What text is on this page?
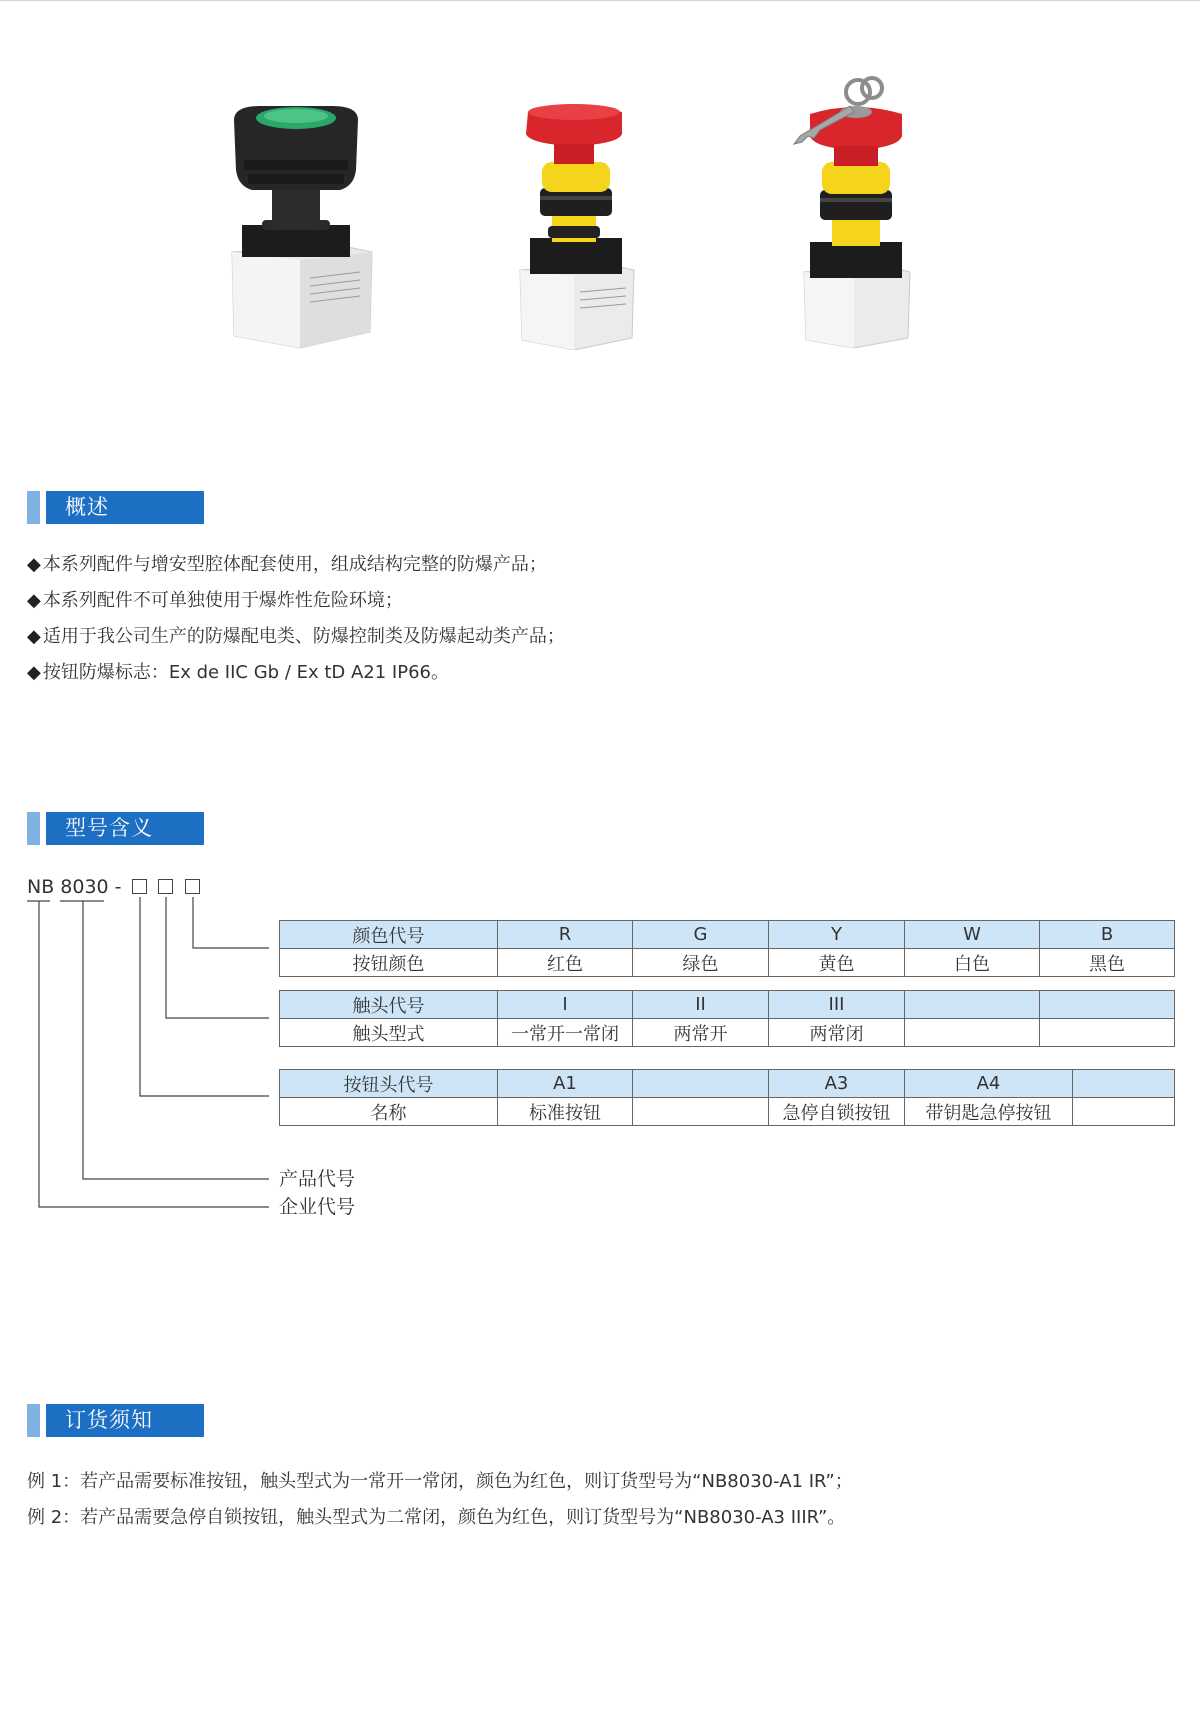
概述
◆ 本系列配件与增安型腔体配套使用，组成结构完整的防爆产品；
◆ 本系列配件不可单独使用于爆炸性危险环境；
◆ 适用于我公司生产的防爆配电类、防爆控制类及防爆起动类产品；
◆ 按钮防爆标志：Ex de IIC Gb / Ex tD A21 IP66。
型号含义
NB 8030 -
颜色代号	R	G	Y	W	B
按钮颜色	红色	绿色	黄色	白色	黑色
触头代号	I	II	III		
触头型式	一常开一常闭	两常开	两常闭		
按钮头代号	A1		A3	A4	
名称	标准按钮		急停自锁按钮	带钥匙急停按钮	
产品代号
企业代号
订货须知

例 1：若产品需要标准按钮，触头型式为一常开一常闭，颜色为红色，则订货型号为“NB8030-A1 IR”；

例 2：若产品需要急停自锁按钮，触头型式为二常闭，颜色为红色，则订货型号为“NB8030-A3 IIIR”。
